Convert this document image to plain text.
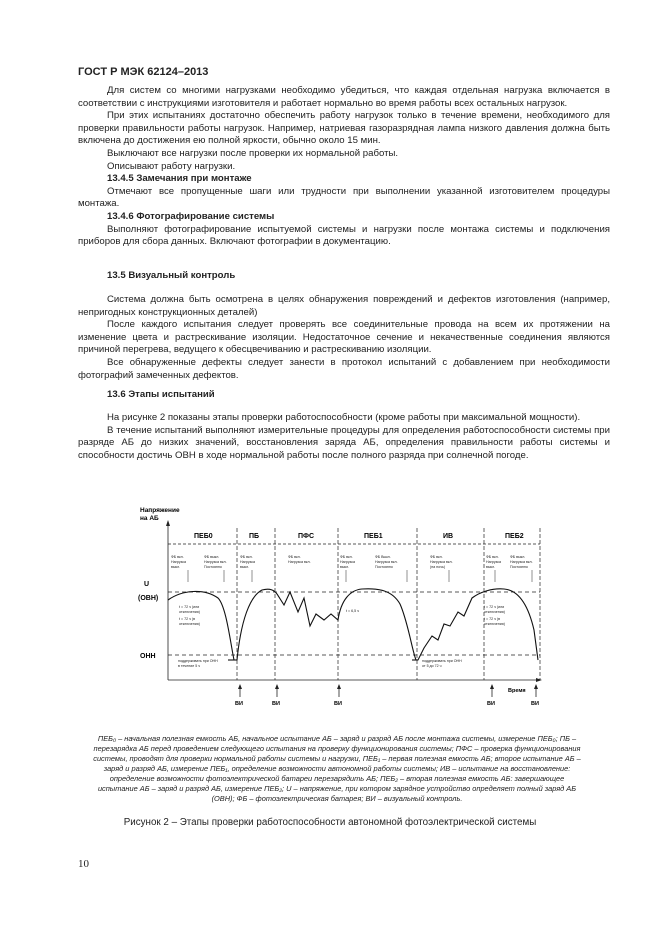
ГОСТ Р МЭК 62124–2013

Для систем со многими нагрузками необходимо убедиться, что каждая отдельная нагрузка включается в соответствии с инструкциями изготовителя и работает нормально во время работы всех остальных нагрузок.

При этих испытаниях достаточно обеспечить работу нагрузок только в течение времени, необходимого для проверки правильности работы нагрузок. Например, натриевая газоразрядная лампа низкого давления должна быть включена до достижения ею полной яркости, обычно около 15 мин.

Выключают все нагрузки после проверки их нормальной работы.

Описывают работу нагрузки.

13.4.5 Замечания при монтаже

Отмечают все пропущенные шаги или трудности при выполнении указанной изготовителем процедуры монтажа.

13.4.6 Фотографирование системы

Выполняют фотографирование испытуемой системы и нагрузки после монтажа системы и подключения приборов для сбора данных. Включают фотографии в документацию.

13.5 Визуальный контроль

Система должна быть осмотрена в целях обнаружения повреждений и дефектов изготовления (например, непригодных конструкционных деталей)

После каждого испытания следует проверять все соединительные провода на всем их протяжении на изменение цвета и растрескивание изоляции. Недостаточное сечение и некачественные соединения являются причиной перегрева, ведущего к обесцвечиванию и растрескиванию изоляции.

Все обнаруженные дефекты следует занести в протокол испытаний с добавлением при необходимости фотографий замеченных дефектов.

13.6 Этапы испытаний

На рисунке 2 показаны этапы проверки работоспособности (кроме работы при максимальной мощности).

В течение испытаний выполняют измерительные процедуры для определения работоспособности системы при разряде АБ до низких значений, восстановления заряда АБ, определения правильности работы системы и способности достичь ОВН в ходе нормальной работы после полного разряда при солнечной погоде.

Напряжение
на АБ
ПЕБ0	ПБ	ПФС	ПЕБ1	ИВ	ПЕБ2
U
(ОВН)
ОНН
ФБ вкл.
Нагрузка
выкл.
ФБ выкл.
Нагрузка вкл.
Постоянно
ФБ вкл.
Нагрузка
выкл.
ФБ вкл.
Нагрузка вкл.
ФБ вкл.
Нагрузка
выкл.
ФБ Выкл.
Нагрузка вкл.
Постоянно
ФБ вкл.
Нагрузка вкл.
(на ночь)
ФБ вкл.
Нагрузка
выкл.
ФБ выкл.
Нагрузка вкл.
Постоянно
t = 72 ч (или
отключения)
t = 72 ч (в
отключения)
t = 6,5 ч
t = 72 ч (или
отключения)
t = 72 ч (в
отключения)
поддерживать при ОНН
в течение 5 ч
поддерживать при ОНН
от 5 до 72 ч
Время
ВИ	ВИ	ВИ	ВИ	ВИ
ПЕБ₀ – начальная полезная емкость АБ, начальное испытание АБ – заряд и разряд АБ после монтажа системы, измерение ПЕБ₀; ПБ – перезарядка АБ перед проведением следующего испытания на проверку функционирования системы; ПФС – проверка функционирования системы, проводят для проверки нормальной работы системы и нагрузки, ПЕБ₁ – первая полезная емкость АБ; второе испытание АБ – заряд и разряд АБ, измерение ПЕБ₁, определение возможности автономной работы системы; ИВ – испытание на восстановление: определение возможности фотоэлектрической батареи перезарядить АБ; ПЕБ₂ – вторая полезная емкость АБ: завершающее испытание АБ – заряд и разряд АБ, измерение ПЕБ₂; U – напряжение, при котором зарядное устройство определяет полный заряд АБ (ОВН); ФБ – фотоэлектрическая батарея; ВИ – визуальный контроль.
Рисунок 2 – Этапы проверки работоспособности автономной фотоэлектрической системы
10
